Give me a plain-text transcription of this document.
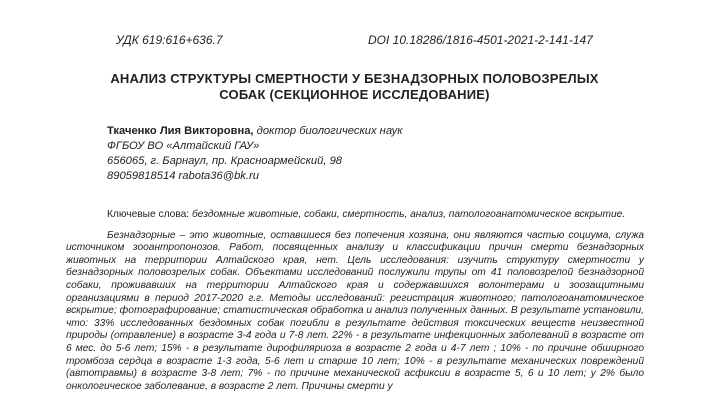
УДК 619:616+636.7	DOI 10.18286/1816-4501-2021-2-141-147
АНАЛИЗ СТРУКТУРЫ СМЕРТНОСТИ У БЕЗНАДЗОРНЫХ ПОЛОВОЗРЕЛЫХ
СОБАК (СЕКЦИОННОЕ ИССЛЕДОВАНИЕ)
Ткаченко Лия Викторовна, доктор биологических наук
ФГБОУ ВО «Алтайский ГАУ»
656065, г. Барнаул, пр. Красноармейский, 98
89059818514 rabota36@bk.ru

Ключевые слова: бездомные животные, собаки, смертность, анализ, патологоанатомическое вскрытие.

Безнадзорные – это животные, оставшиеся без попечения хозяина, они являются частью социума, служа источником зооантропонозов. Работ, посвященных анализу и классификации причин смерти безнадзорных животных на территории Алтайского края, нет. Цель исследования: изучить структуру смертности у безнадзорных половозрелых собак. Объектами исследований послужили трупы от 41 половозрелой безнадзорной собаки, проживавших на территории Алтайского края и содержавшихся волонтерами и зоозащитными организациями в период 2017-2020 г.г. Методы исследований: регистрация животного; патологоанатомическое вскрытие; фотографирование; статистическая обработка и анализ полученных данных. В результате установили, что: 33% исследованных бездомных собак погибли в результате действия токсических веществ неизвестной природы (отравление) в возрасте 3-4 года и 7-8 лет. 22% - в результате инфекционных заболеваний в возрасте от 6 мес. до 5-6 лет; 15% - в результате дирофиляриоза в возрасте 2 года и 4-7 лет ; 10% - по причине обширного тромбоза сердца в возрасте 1-3 года, 5-6 лет и старше 10 лет; 10% - в результате механических повреждений (автотравмы) в возрасте 3-8 лет; 7% - по причине механической асфиксии в возрасте 5, 6 и 10 лет; у 2% было онкологическое заболевание, в возрасте 2 лет. Причины смерти у
